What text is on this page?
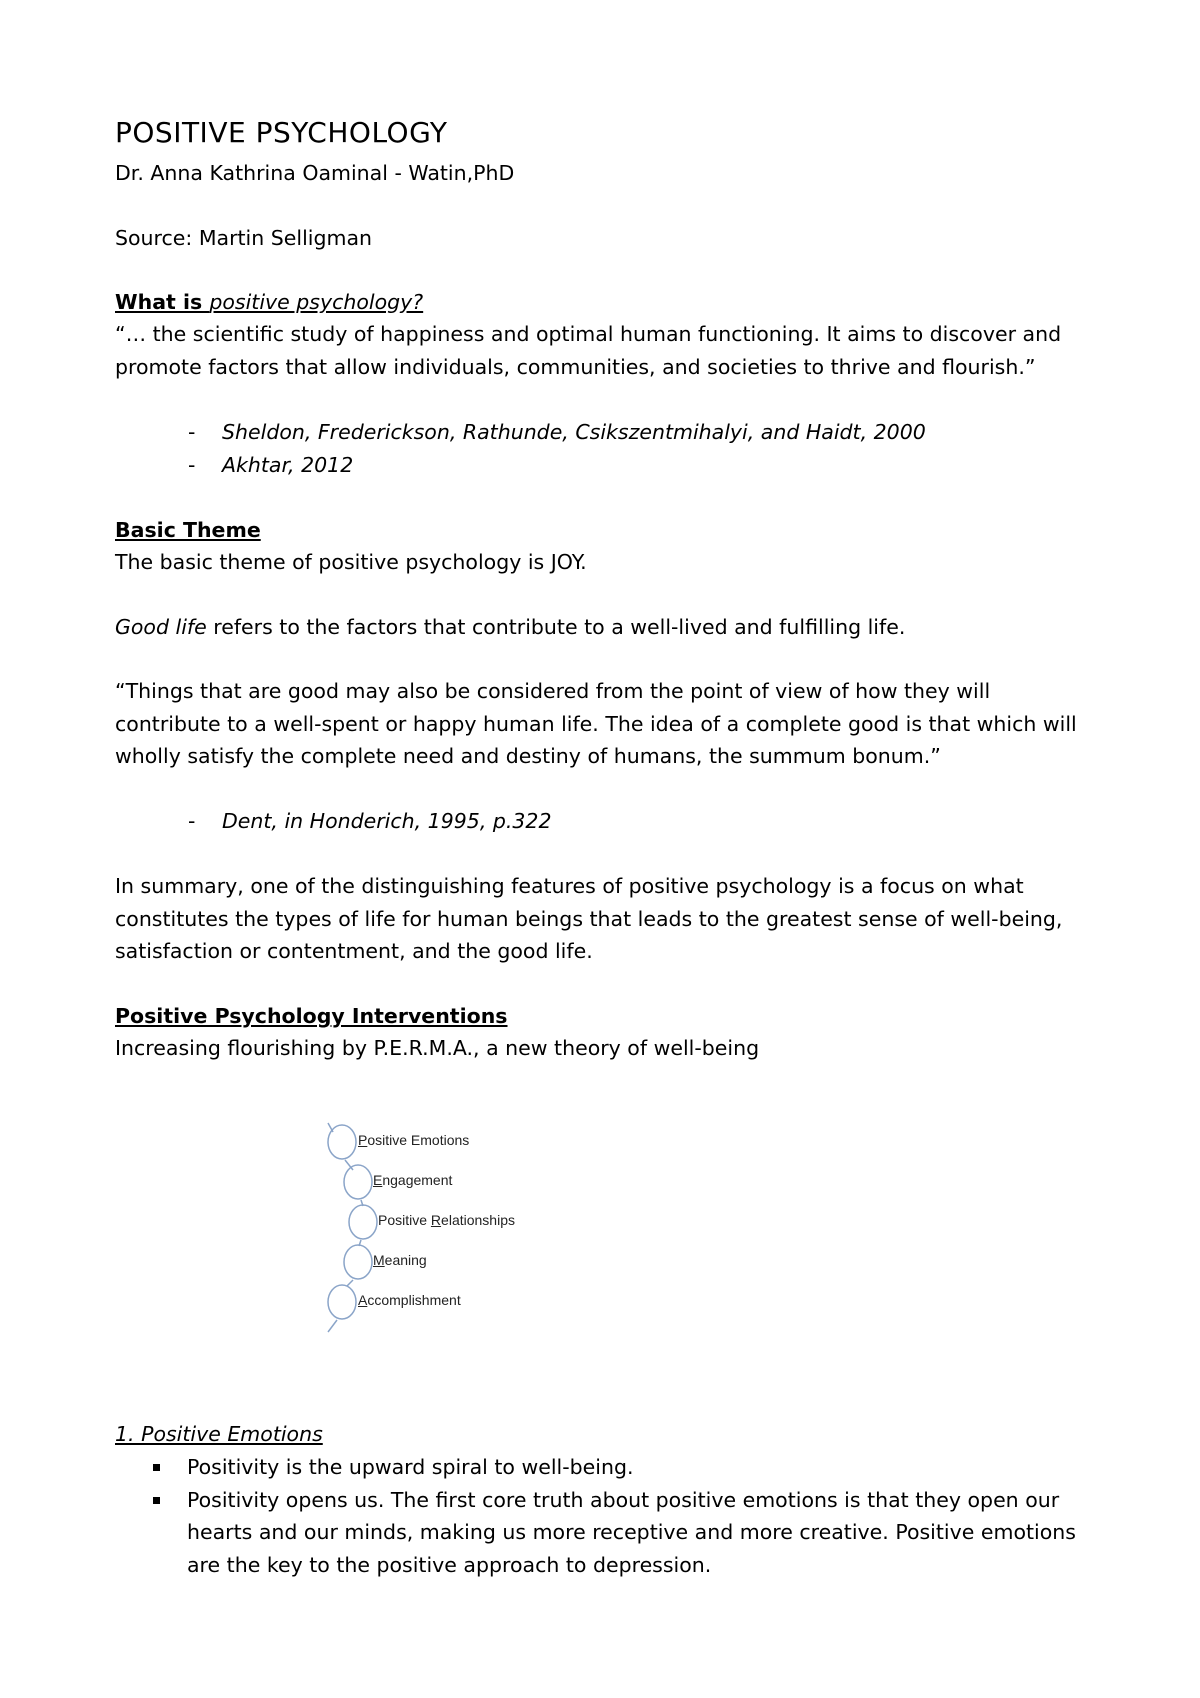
POSITIVE PSYCHOLOGY
Dr. Anna Kathrina Oaminal - Watin,PhD
Source: Martin Selligman
What is positive psychology?
“… the scientific study of happiness and optimal human functioning. It aims to discover and promote factors that allow individuals, communities, and societies to thrive and flourish.”
- Sheldon, Frederickson, Rathunde, Csikszentmihalyi, and Haidt, 2000
- Akhtar, 2012
Basic Theme
The basic theme of positive psychology is JOY.
Good life refers to the factors that contribute to a well-lived and fulfilling life.
“Things that are good may also be considered from the point of view of how they will contribute to a well-spent or happy human life. The idea of a complete good is that which will wholly satisfy the complete need and destiny of humans, the summum bonum.”
- Dent, in Honderich, 1995, p.322
In summary, one of the distinguishing features of positive psychology is a focus on what constitutes the types of life for human beings that leads to the greatest sense of well-being, satisfaction or contentment, and the good life.
Positive Psychology Interventions
Increasing flourishing by P.E.R.M.A., a new theory of well-being
1. Positive Emotions
Positivity is the upward spiral to well-being.
Positivity opens us. The first core truth about positive emotions is that they open our hearts and our minds, making us more receptive and more creative. Positive emotions are the key to the positive approach to depression.
Positive Emotions
Engagement
Positive Relationships
Meaning
Accomplishment
